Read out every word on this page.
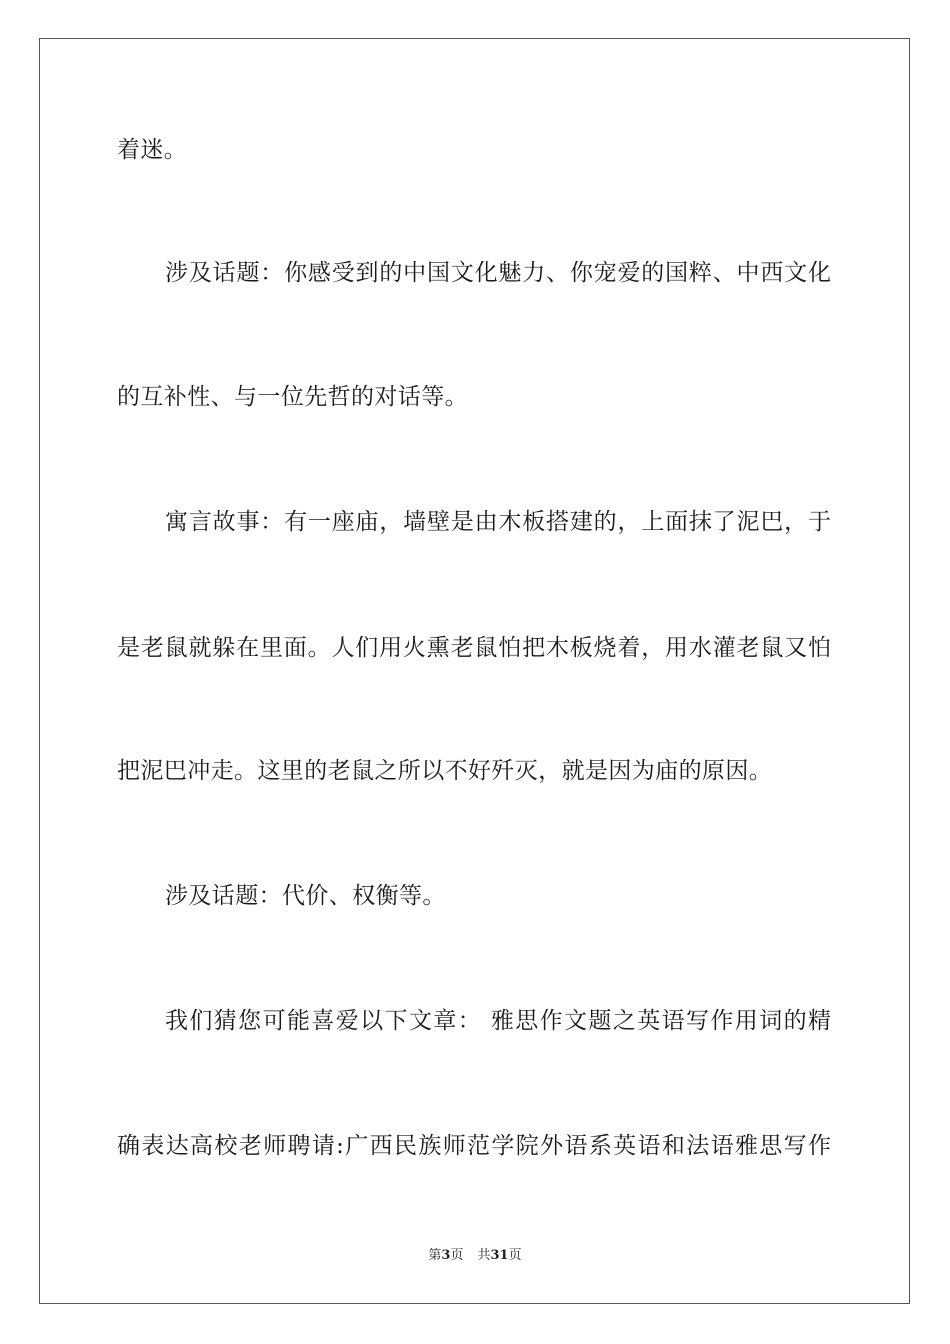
着迷。
涉及话题：你感受到的中国文化魅力、你宠爱的国粹、中西文化
的互补性、与一位先哲的对话等。
寓言故事：有一座庙，墙壁是由木板搭建的，上面抹了泥巴，于
是老鼠就躲在里面。人们用火熏老鼠怕把木板烧着，用水灌老鼠又怕
把泥巴冲走。这里的老鼠之所以不好歼灭，就是因为庙的原因。
涉及话题：代价、权衡等。
我们猜您可能喜爱以下文章： 雅思作文题之英语写作用词的精
确表达高校老师聘请:广西民族师范学院外语系英语和法语雅思写作
第3页 共31页
